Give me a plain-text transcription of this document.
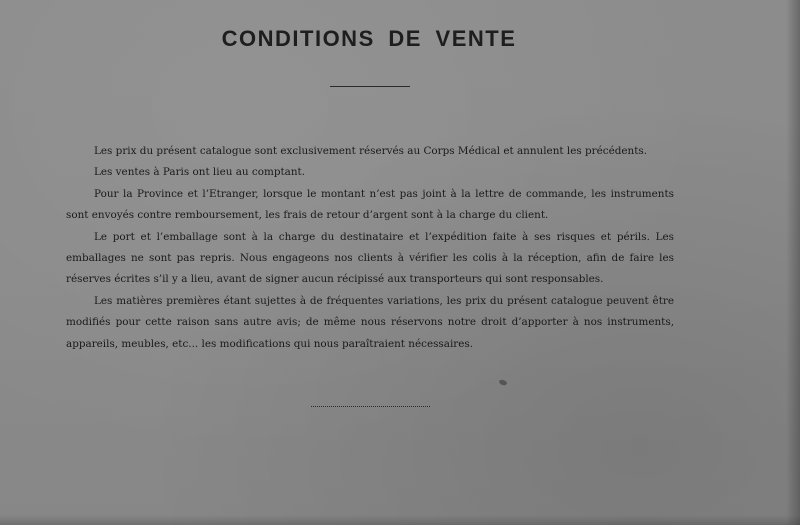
CONDITIONS DE VENTE

Les prix du présent catalogue sont exclusivement réservés au Corps Médical et annulent les précédents.

Les ventes à Paris ont lieu au comptant.

Pour la Province et l’Etranger, lorsque le montant n’est pas joint à la lettre de commande, les instruments sont envoyés contre remboursement, les frais de retour d’argent sont à la charge du client.

Le port et l’emballage sont à la charge du destinataire et l’expédition faite à ses risques et périls. Les emballages ne sont pas repris. Nous engageons nos clients à vérifier les colis à la réception, afin de faire les réserves écrites s’il y a lieu, avant de signer aucun récipissé aux transporteurs qui sont responsables.

Les matières premières étant sujettes à de fréquentes variations, les prix du présent catalogue peuvent être modifiés pour cette raison sans autre avis; de même nous réservons notre droit d’apporter à nos instruments, appareils, meubles, etc... les modifications qui nous paraîtraient nécessaires.
